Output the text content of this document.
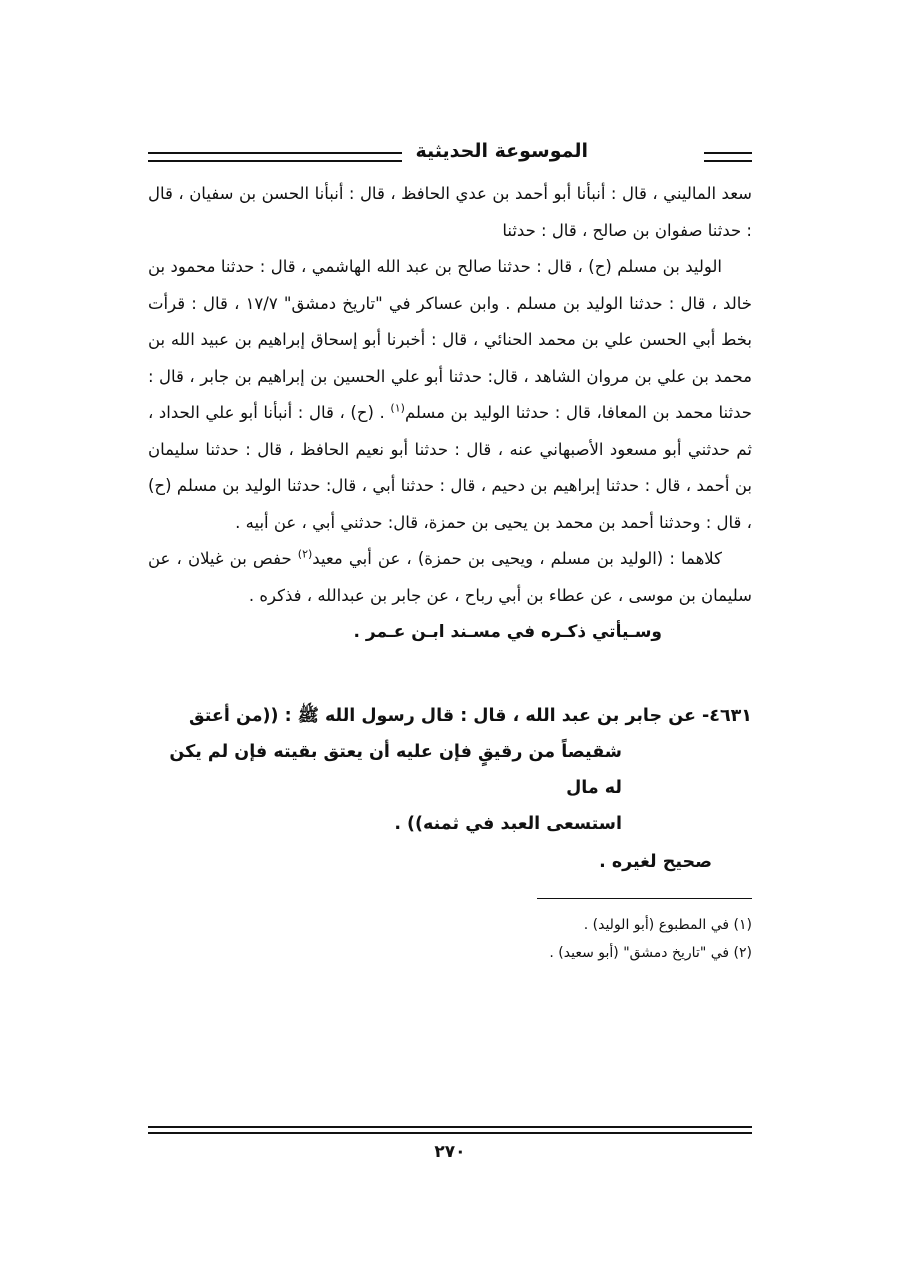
الموسوعة الحديثية

سعد الماليني ، قال : أنبأنا أبو أحمد بن عدي الحافظ ، قال : أنبأنا الحسن بن سفيان ، قال : حدثنا صفوان بن صالح ، قال : حدثنا

الوليد بن مسلم (ح) ، قال : حدثنا صالح بن عبد الله الهاشمي ، قال : حدثنا محمود بن خالد ، قال : حدثنا الوليد بن مسلم . وابن عساكر في "تاريخ دمشق" ١٧/٧ ، قال : قرأت بخط أبي الحسن علي بن محمد الحنائي ، قال : أخبرنا أبو إسحاق إبراهيم بن عبيد الله بن محمد بن علي بن مروان الشاهد ، قال: حدثنا أبو علي الحسين بن إبراهيم بن جابر ، قال : حدثنا محمد بن المعافا، قال : حدثنا الوليد بن مسلم$^{(١)}$ . (ح) ، قال : أنبأنا أبو علي الحداد ، ثم حدثني أبو مسعود الأصبهاني عنه ، قال : حدثنا أبو نعيم الحافظ ، قال : حدثنا سليمان بن أحمد ، قال : حدثنا إبراهيم بن دحيم ، قال : حدثنا أبي ، قال: حدثنا الوليد بن مسلم (ح) ، قال : وحدثنا أحمد بن محمد بن يحيى بن حمزة، قال: حدثني أبي ، عن أبيه .

كلاهما : (الوليد بن مسلم ، ويحيى بن حمزة) ، عن أبي معيد$^{(٢)}$ حفص بن غيلان ، عن سليمان بن موسى ، عن عطاء بن أبي رباح ، عن جابر بن عبدالله ، فذكره .

وسـيأتي ذكـره في مسـند ابـن عـمر .

٤٦٣١- عن جابر بن عبد الله ، قال : قال رسول الله ﷺ : ((من أعتق
شقيصاً من رقيقٍ فإن عليه أن يعتق بقيته فإن لم يكن له مال
استسعى العبد في ثمنه)) .
صحيح لغيره .
(١) في المطبوع (أبو الوليد) .
(٢) في "تاريخ دمشق" (أبو سعيد) .
٢٧٠
